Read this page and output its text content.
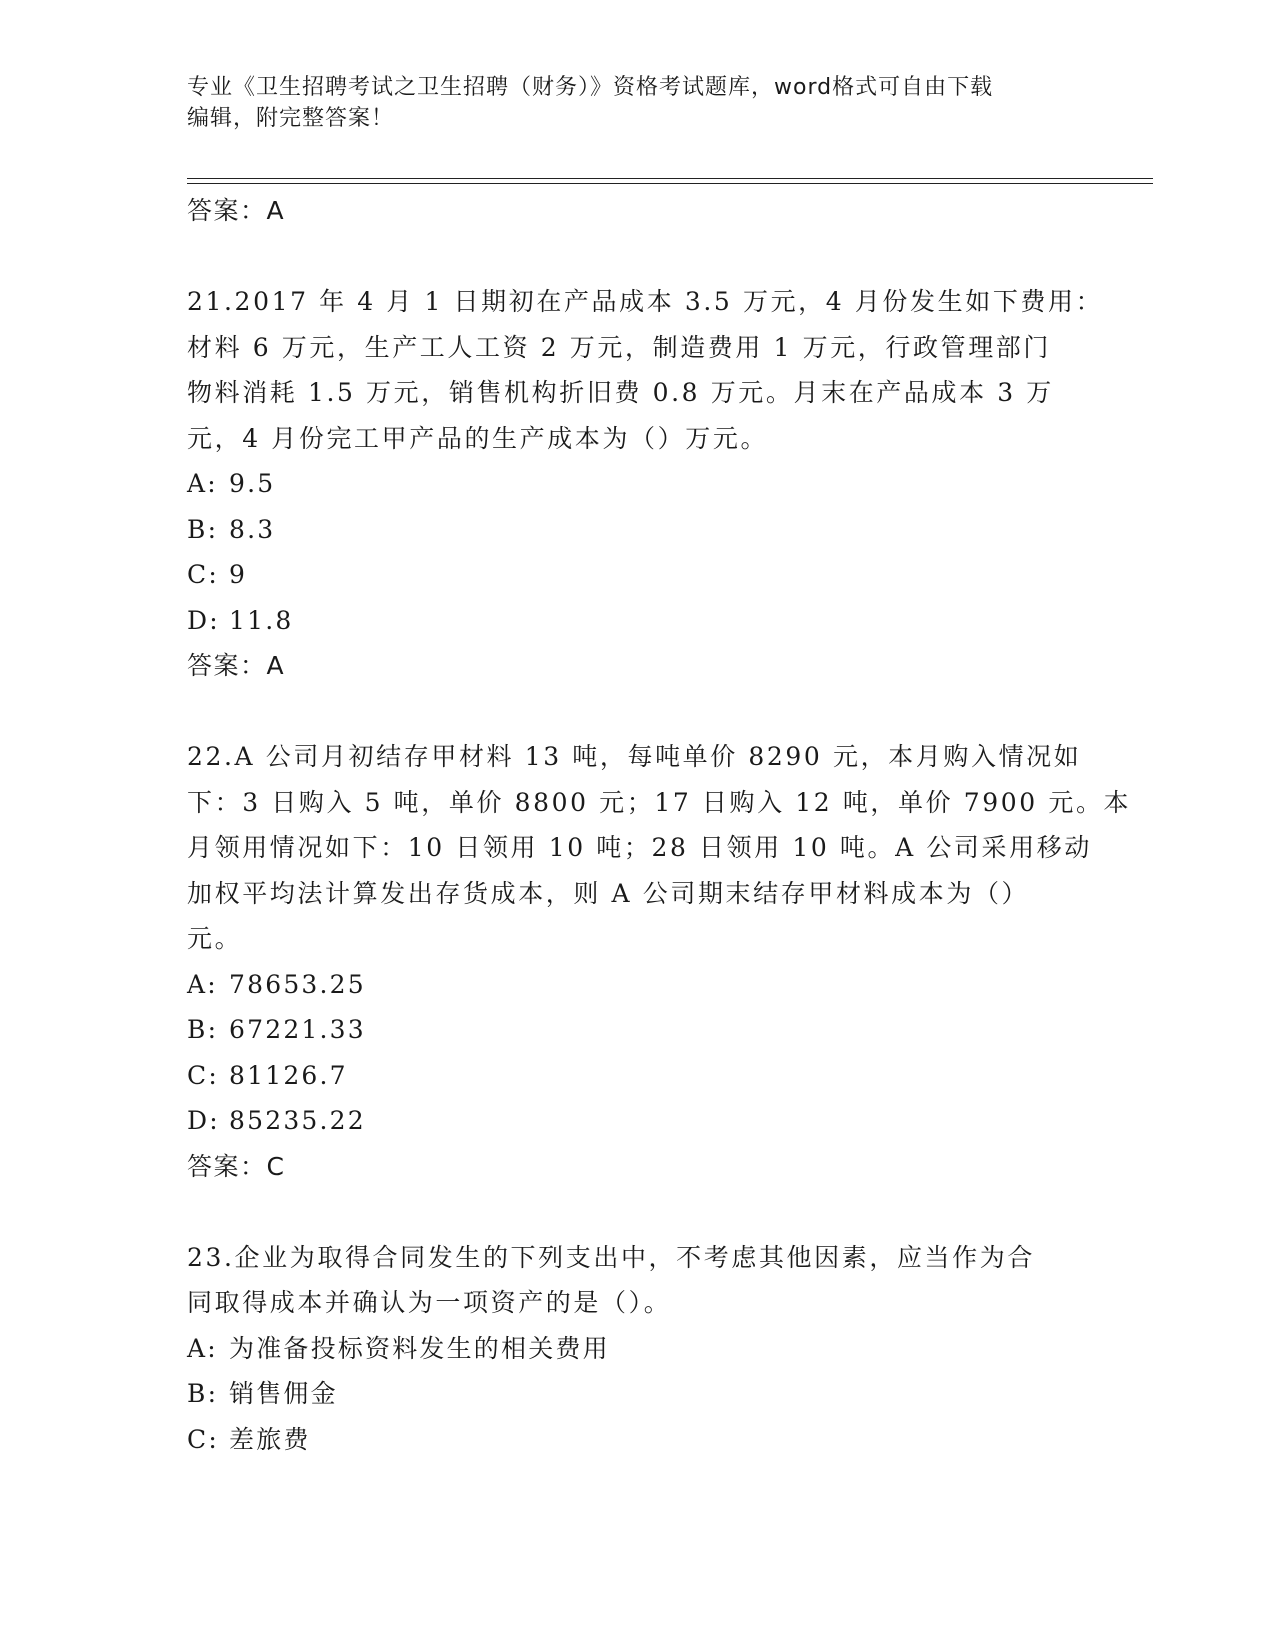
专业《卫生招聘考试之卫生招聘（财务）》资格考试题库，word格式可自由下载
编辑，附完整答案！
答案：A
21.2017 年 4 月 1 日期初在产品成本 3.5 万元，4 月份发生如下费用：
材料 6 万元，生产工人工资 2 万元，制造费用 1 万元，行政管理部门
物料消耗 1.5 万元，销售机构折旧费 0.8 万元。月末在产品成本 3 万
元，4 月份完工甲产品的生产成本为（）万元。
A: 9.5
B: 8.3
C: 9
D: 11.8
答案：A
22.A 公司月初结存甲材料 13 吨，每吨单价 8290 元，本月购入情况如
下：3 日购入 5 吨，单价 8800 元；17 日购入 12 吨，单价 7900 元。本
月领用情况如下：10 日领用 10 吨；28 日领用 10 吨。A 公司采用移动
加权平均法计算发出存货成本，则 A 公司期末结存甲材料成本为（）
元。
A: 78653.25
B: 67221.33
C: 81126.7
D: 85235.22
答案：C
23.企业为取得合同发生的下列支出中，不考虑其他因素，应当作为合
同取得成本并确认为一项资产的是（）。
A: 为准备投标资料发生的相关费用
B: 销售佣金
C: 差旅费
